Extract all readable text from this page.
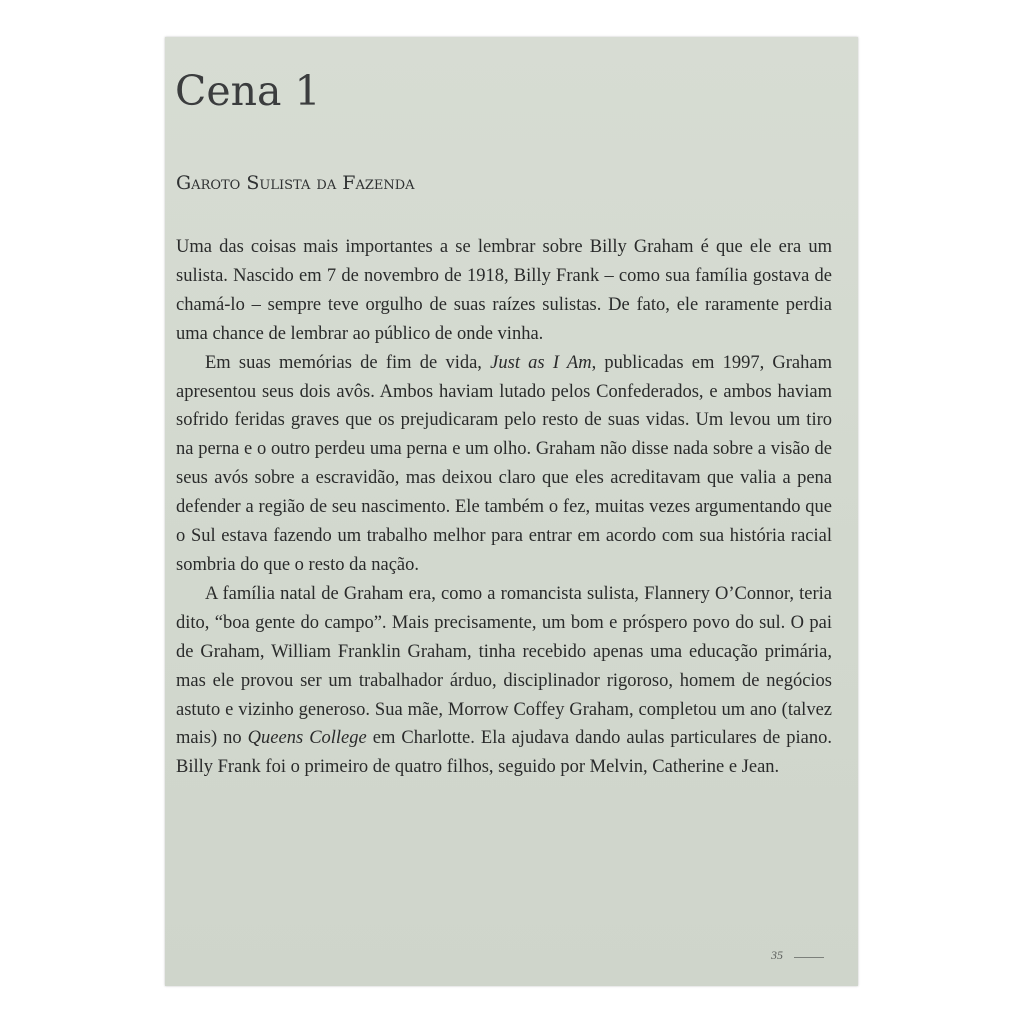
Cena 1
Garoto Sulista da Fazenda

Uma das coisas mais importantes a se lembrar sobre Billy Graham é que ele era um sulista. Nascido em 7 de novembro de 1918, Billy Frank – como sua família gostava de chamá-lo – sempre teve orgulho de suas raízes sulistas. De fato, ele raramente perdia uma chance de lembrar ao público de onde vinha.

Em suas memórias de fim de vida, Just as I Am, publicadas em 1997, Graham apresentou seus dois avôs. Ambos haviam lutado pelos Confederados, e ambos haviam sofrido feridas graves que os prejudicaram pelo resto de suas vidas. Um levou um tiro na perna e o outro perdeu uma perna e um olho. Graham não disse nada sobre a visão de seus avós sobre a escravidão, mas deixou claro que eles acreditavam que valia a pena defender a região de seu nascimento. Ele também o fez, muitas vezes argumentando que o Sul estava fazendo um trabalho melhor para entrar em acordo com sua história racial sombria do que o resto da nação.

A família natal de Graham era, como a romancista sulista, Flannery O’Connor, teria dito, “boa gente do campo”. Mais precisamente, um bom e próspero povo do sul. O pai de Graham, William Franklin Graham, tinha recebido apenas uma educação primária, mas ele provou ser um trabalhador árduo, disciplinador rigoroso, homem de negócios astuto e vizinho generoso. Sua mãe, Morrow Coffey Graham, completou um ano (talvez mais) no Queens College em Charlotte. Ela ajudava dando aulas particulares de piano. Billy Frank foi o primeiro de quatro filhos, seguido por Melvin, Catherine e Jean.

35
